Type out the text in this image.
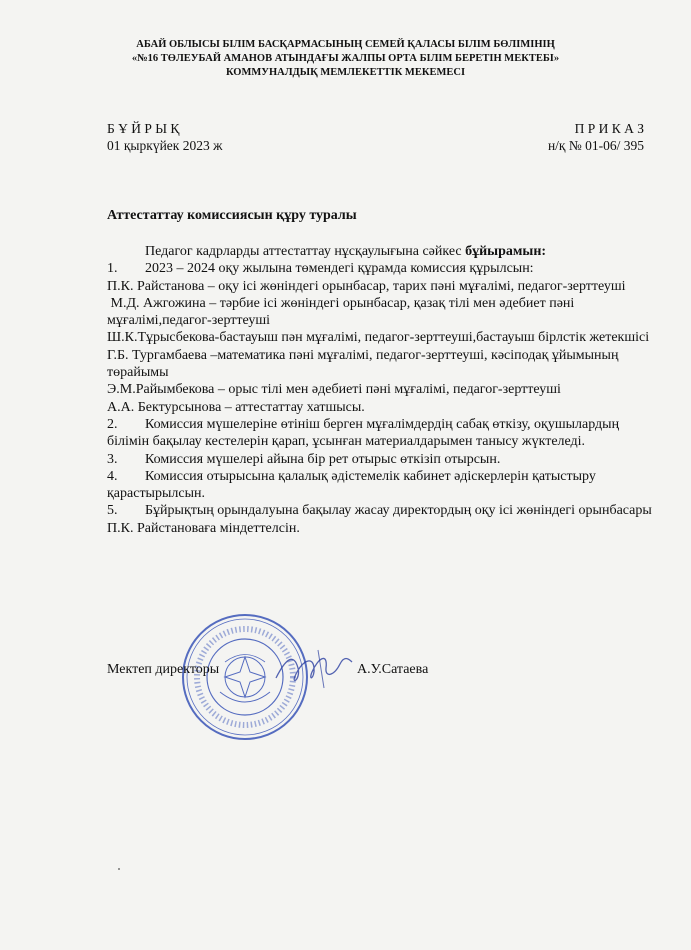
АБАЙ ОБЛЫСЫ БІЛІМ БАСҚАРМАСЫНЫҢ СЕМЕЙ ҚАЛАСЫ БІЛІМ БӨЛІМІНІҢ
«№16 ТӨЛЕУБАЙ АМАНОВ АТЫНДАҒЫ ЖАЛПЫ ОРТА БІЛІМ БЕРЕТІН МЕКТЕБІ»
КОММУНАЛДЫҚ МЕМЛЕКЕТТІК МЕКЕМЕСІ
Б Ұ Й Р Ы Қ
01 қыркүйек 2023 ж
П Р И К А З
н/қ № 01-06/ 395
Аттестаттау комиссиясын құру туралы

Педагог кадрларды аттестаттау нұсқаулығына сәйкес бұйырамын:

1. 2023 – 2024 оқу жылына төмендегі құрамда комиссия құрылсын:

П.К. Райстанова – оқу ісі жөніндегі орынбасар, тарих пәні мұғалімі, педагог-зерттеуші

М.Д. Ажгожина – тәрбие ісі жөніндегі орынбасар, қазақ тілі мен әдебиет пәні мұғалімі,педагог-зерттеуші

Ш.К.Тұрысбекова-бастауыш пән мұғалімі, педагог-зерттеуші,бастауыш бірлстік жетекшісі

Г.Б. Тургамбаева –математика пәні мұғалімі, педагог-зерттеуші, кәсіподақ ұйымының төрайымы

Э.М.Райымбекова – орыс тілі мен әдебиеті пәні мұғалімі, педагог-зерттеуші

А.А. Бектурсынова – аттестаттау хатшысы.

2. Комиссия мүшелеріне өтініш берген мұғалімдердің сабақ өткізу, оқушылардың білімін бақылау кестелерін қарап, ұсынған материалдарымен танысу жүктеледі.

3. Комиссия мүшелері айына бір рет отырыс өткізіп отырсын.

4. Комиссия отырысына қалалық әдістемелік кабинет әдіскерлерін қатыстыру қарастырылсын.

5. Бұйрықтың орындалуына бақылау жасау директордың оқу ісі жөніндегі орынбасары П.К. Райстановаға міндеттелсін.

Мектеп директоры	А.У.Сатаева
